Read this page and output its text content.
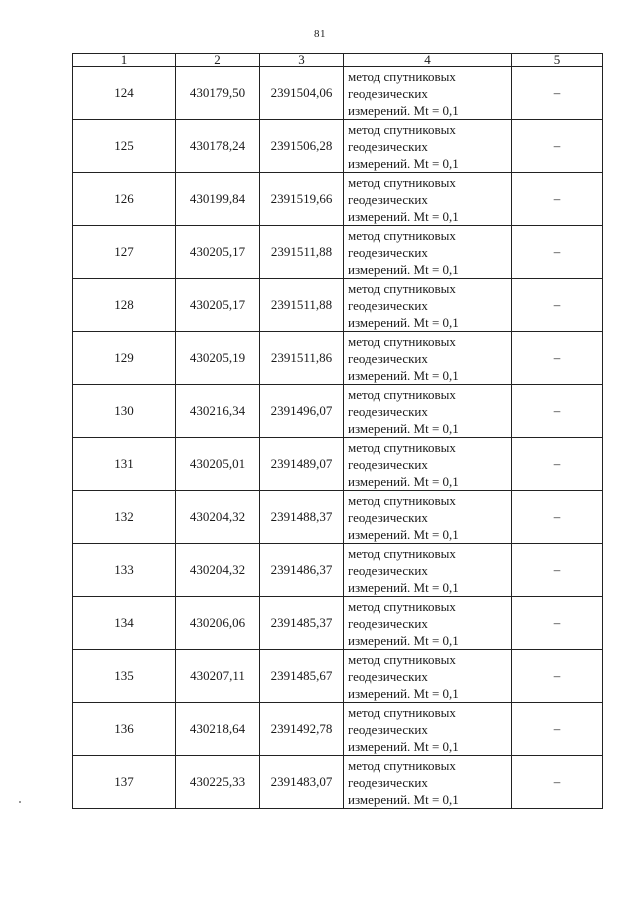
81
1	2	3	4	5
124	430179,50	2391504,06	метод спутниковых
геодезических
измерений. Mt = 0,1	–
125	430178,24	2391506,28	метод спутниковых
геодезических
измерений. Mt = 0,1	–
126	430199,84	2391519,66	метод спутниковых
геодезических
измерений. Mt = 0,1	–
127	430205,17	2391511,88	метод спутниковых
геодезических
измерений. Mt = 0,1	–
128	430205,17	2391511,88	метод спутниковых
геодезических
измерений. Mt = 0,1	–
129	430205,19	2391511,86	метод спутниковых
геодезических
измерений. Mt = 0,1	–
130	430216,34	2391496,07	метод спутниковых
геодезических
измерений. Mt = 0,1	–
131	430205,01	2391489,07	метод спутниковых
геодезических
измерений. Mt = 0,1	–
132	430204,32	2391488,37	метод спутниковых
геодезических
измерений. Mt = 0,1	–
133	430204,32	2391486,37	метод спутниковых
геодезических
измерений. Mt = 0,1	–
134	430206,06	2391485,37	метод спутниковых
геодезических
измерений. Mt = 0,1	–
135	430207,11	2391485,67	метод спутниковых
геодезических
измерений. Mt = 0,1	–
136	430218,64	2391492,78	метод спутниковых
геодезических
измерений. Mt = 0,1	–
137	430225,33	2391483,07	метод спутниковых
геодезических
измерений. Mt = 0,1	–
